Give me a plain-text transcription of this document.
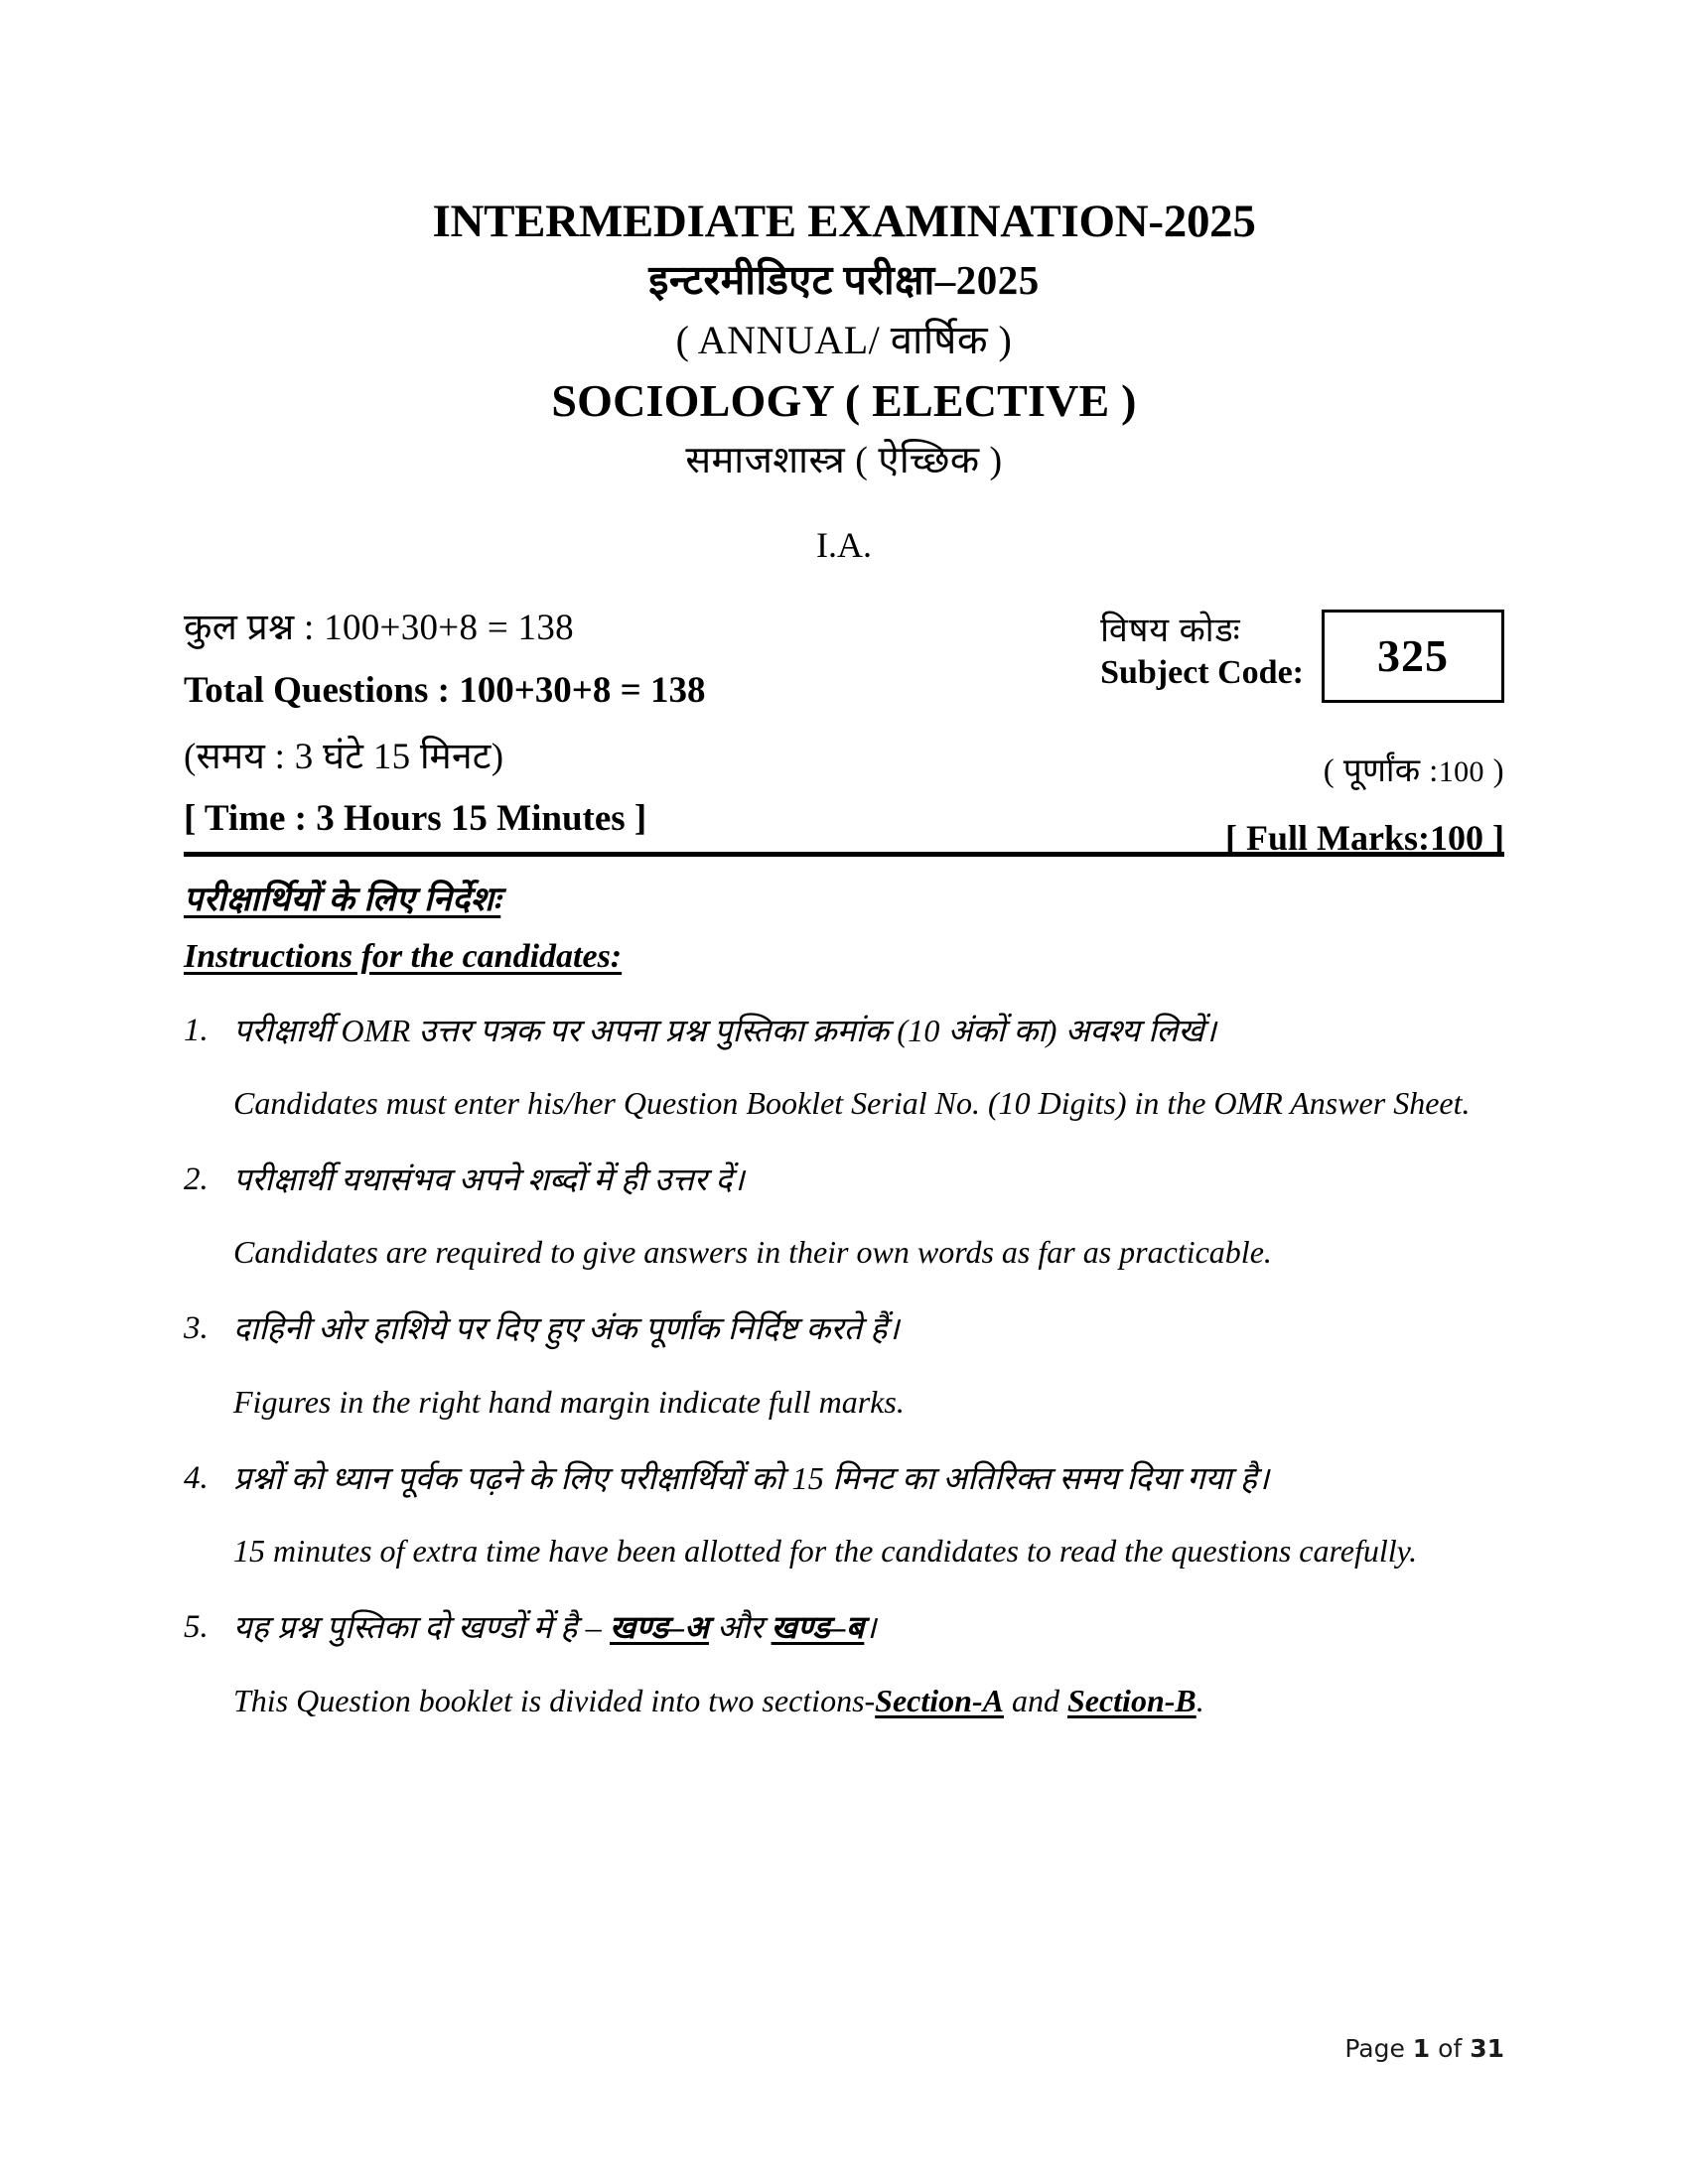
INTERMEDIATE EXAMINATION-2025
इन्टरमीडिएट परीक्षा–2025
( ANNUAL/ वार्षिक )
SOCIOLOGY ( ELECTIVE )
समाजशास्त्र ( ऐच्छिक )
I.A.
कुल प्रश्न : 100+30+8 = 138
Total Questions : 100+30+8 = 138
(समय : 3 घंटे 15 मिनट)
[ Time : 3 Hours 15 Minutes ]
विषय कोडः
Subject Code: 325
( पूर्णांक :100 )
[ Full Marks:100 ]
परीक्षार्थियों के लिए निर्देशः
Instructions for the candidates:
1. परीक्षार्थी OMR उत्तर पत्रक पर अपना प्रश्न पुस्तिका क्रमांक (10 अंकों का) अवश्य लिखें।
Candidates must enter his/her Question Booklet Serial No. (10 Digits) in the OMR Answer Sheet.
2. परीक्षार्थी यथासंभव अपने शब्दों में ही उत्तर दें।
Candidates are required to give answers in their own words as far as practicable.
3. दाहिनी ओर हाशिये पर दिए हुए अंक पूर्णांक निर्दिष्ट करते हैं।
Figures in the right hand margin indicate full marks.
4. प्रश्नों को ध्यान पूर्वक पढ़ने के लिए परीक्षार्थियों को 15 मिनट का अतिरिक्त समय दिया गया है।
15 minutes of extra time have been allotted for the candidates to read the questions carefully.
5. यह प्रश्न पुस्तिका दो खण्डों में है – खण्ड–अ और खण्ड–ब।
This Question booklet is divided into two sections-Section-A and Section-B.
Page 1 of 31
